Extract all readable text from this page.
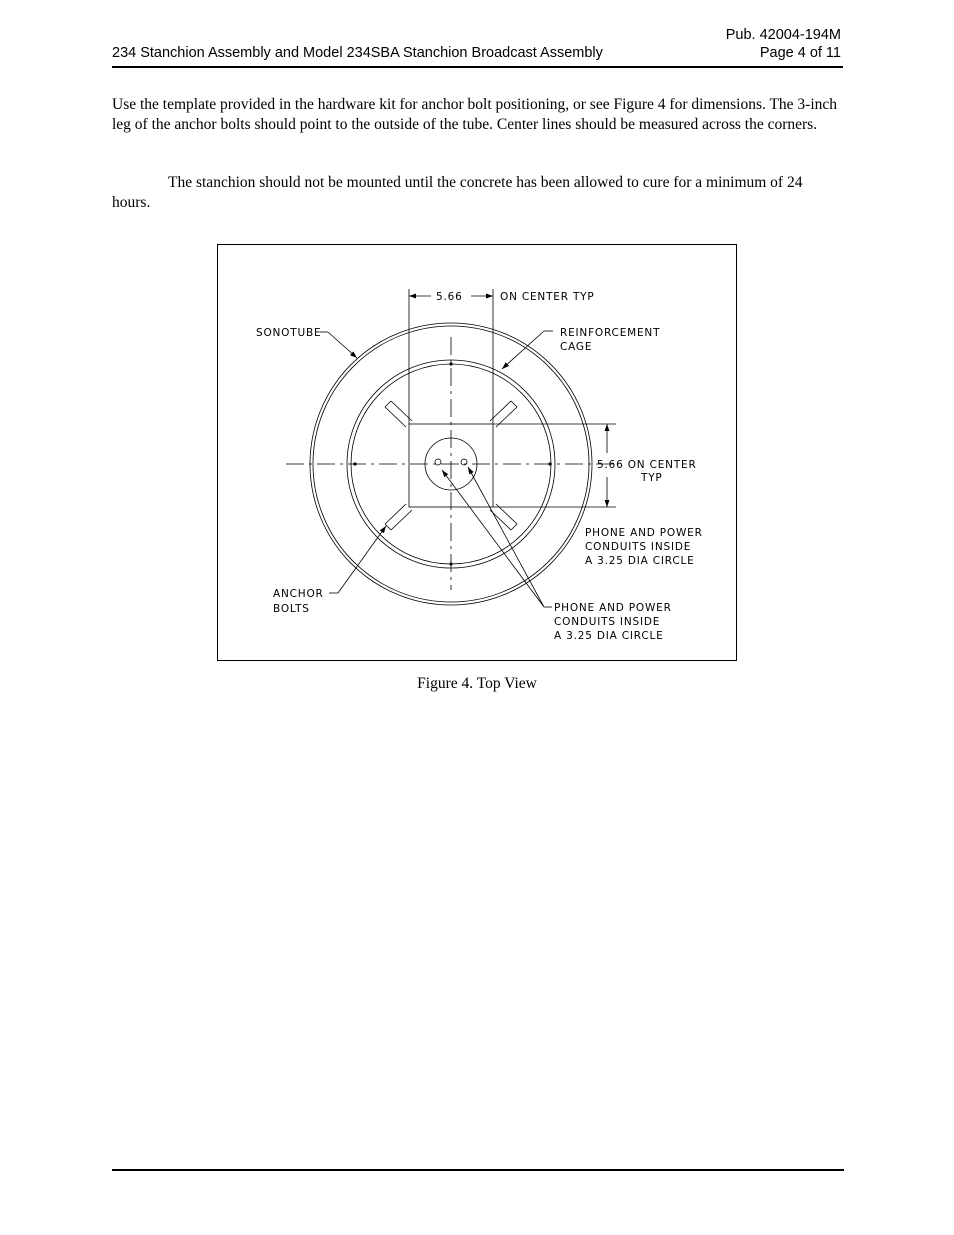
Pub. 42004-194M
234 Stanchion Assembly and Model 234SBA Stanchion Broadcast Assembly	Page 4 of 11

Use the template provided in the hardware kit for anchor bolt positioning, or see Figure 4 for dimensions. The 3-inch leg of the anchor bolts should point to the outside of the tube. Center lines should be measured across the corners.

The stanchion should not be mounted until the concrete has been allowed to cure for a minimum of 24 hours.

5.66	ON CENTER TYP
5.66 ON CENTER
TYP
SONOTUBE	REINFORCEMENT
CAGE
PHONE AND POWER
CONDUITS INSIDE
A 3.25 DIA CIRCLE
ANCHOR
BOLTS	PHONE AND POWER
CONDUITS INSIDE
A 3.25 DIA CIRCLE
Figure 4. Top View
